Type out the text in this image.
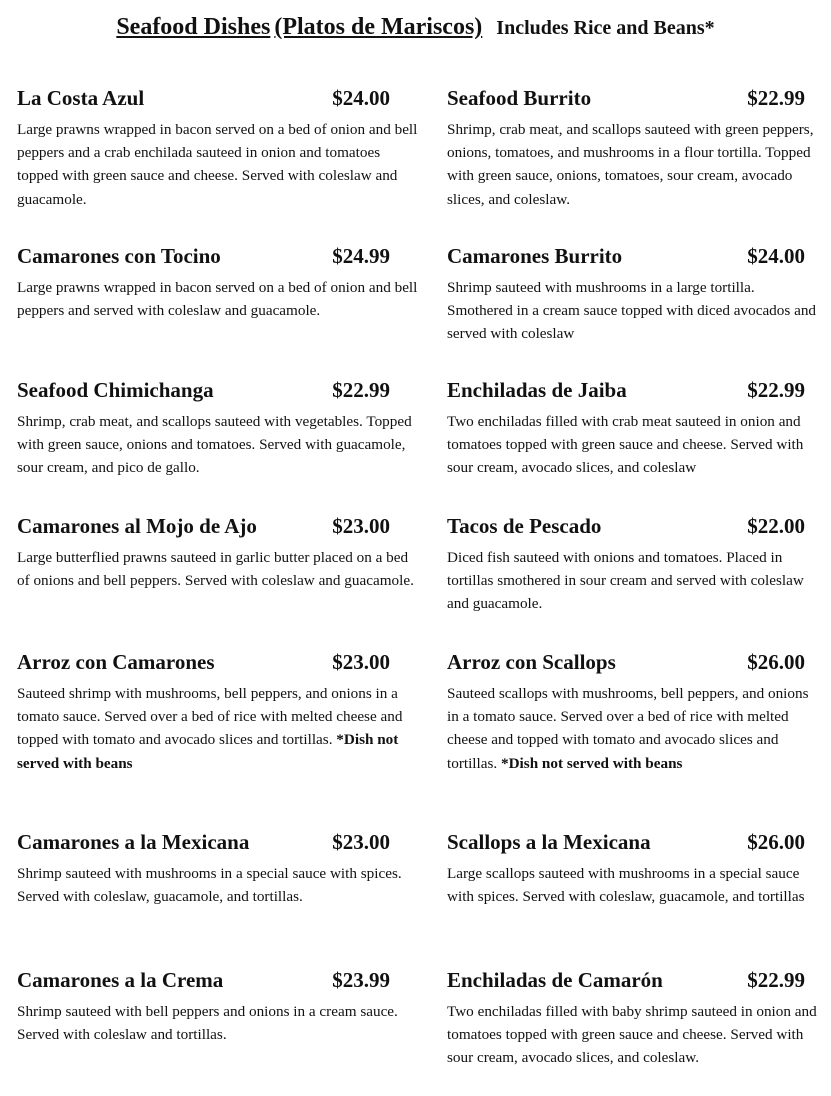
Seafood Dishes (Platos de Mariscos) Includes Rice and Beans*
La Costa Azul	$24.00
Large prawns wrapped in bacon served on a bed of onion and bell peppers and a crab enchilada sauteed in onion and tomatoes topped with green sauce and cheese. Served with coleslaw and guacamole.
Camarones con Tocino	$24.99
Large prawns wrapped in bacon served on a bed of onion and bell peppers and served with coleslaw and guacamole.
Seafood Chimichanga	$22.99
Shrimp, crab meat, and scallops sauteed with vegetables. Topped with green sauce, onions and tomatoes. Served with guacamole, sour cream, and pico de gallo.
Camarones al Mojo de Ajo	$23.00
Large butterflied prawns sauteed in garlic butter placed on a bed of onions and bell peppers. Served with coleslaw and guacamole.
Arroz con Camarones	$23.00
Sauteed shrimp with mushrooms, bell peppers, and onions in a tomato sauce. Served over a bed of rice with melted cheese and topped with tomato and avocado slices and tortillas. *Dish not served with beans
Camarones a la Mexicana	$23.00
Shrimp sauteed with mushrooms in a special sauce with spices. Served with coleslaw, guacamole, and tortillas.
Camarones a la Crema	$23.99
Shrimp sauteed with bell peppers and onions in a cream sauce. Served with coleslaw and tortillas.
Seafood Burrito	$22.99
Shrimp, crab meat, and scallops sauteed with green peppers, onions, tomatoes, and mushrooms in a flour tortilla. Topped with green sauce, onions, tomatoes, sour cream, avocado slices, and coleslaw.
Camarones Burrito	$24.00
Shrimp sauteed with mushrooms in a large tortilla. Smothered in a cream sauce topped with diced avocados and served with coleslaw
Enchiladas de Jaiba	$22.99
Two enchiladas filled with crab meat sauteed in onion and tomatoes topped with green sauce and cheese. Served with sour cream, avocado slices, and coleslaw
Tacos de Pescado	$22.00
Diced fish sauteed with onions and tomatoes. Placed in tortillas smothered in sour cream and served with coleslaw and guacamole.
Arroz con Scallops	$26.00
Sauteed scallops with mushrooms, bell peppers, and onions in a tomato sauce. Served over a bed of rice with melted cheese and topped with tomato and avocado slices and tortillas. *Dish not served with beans
Scallops a la Mexicana	$26.00
Large scallops sauteed with mushrooms in a special sauce with spices. Served with coleslaw, guacamole, and tortillas
Enchiladas de Camarón	$22.99
Two enchiladas filled with baby shrimp sauteed in onion and tomatoes topped with green sauce and cheese. Served with sour cream, avocado slices, and coleslaw.
